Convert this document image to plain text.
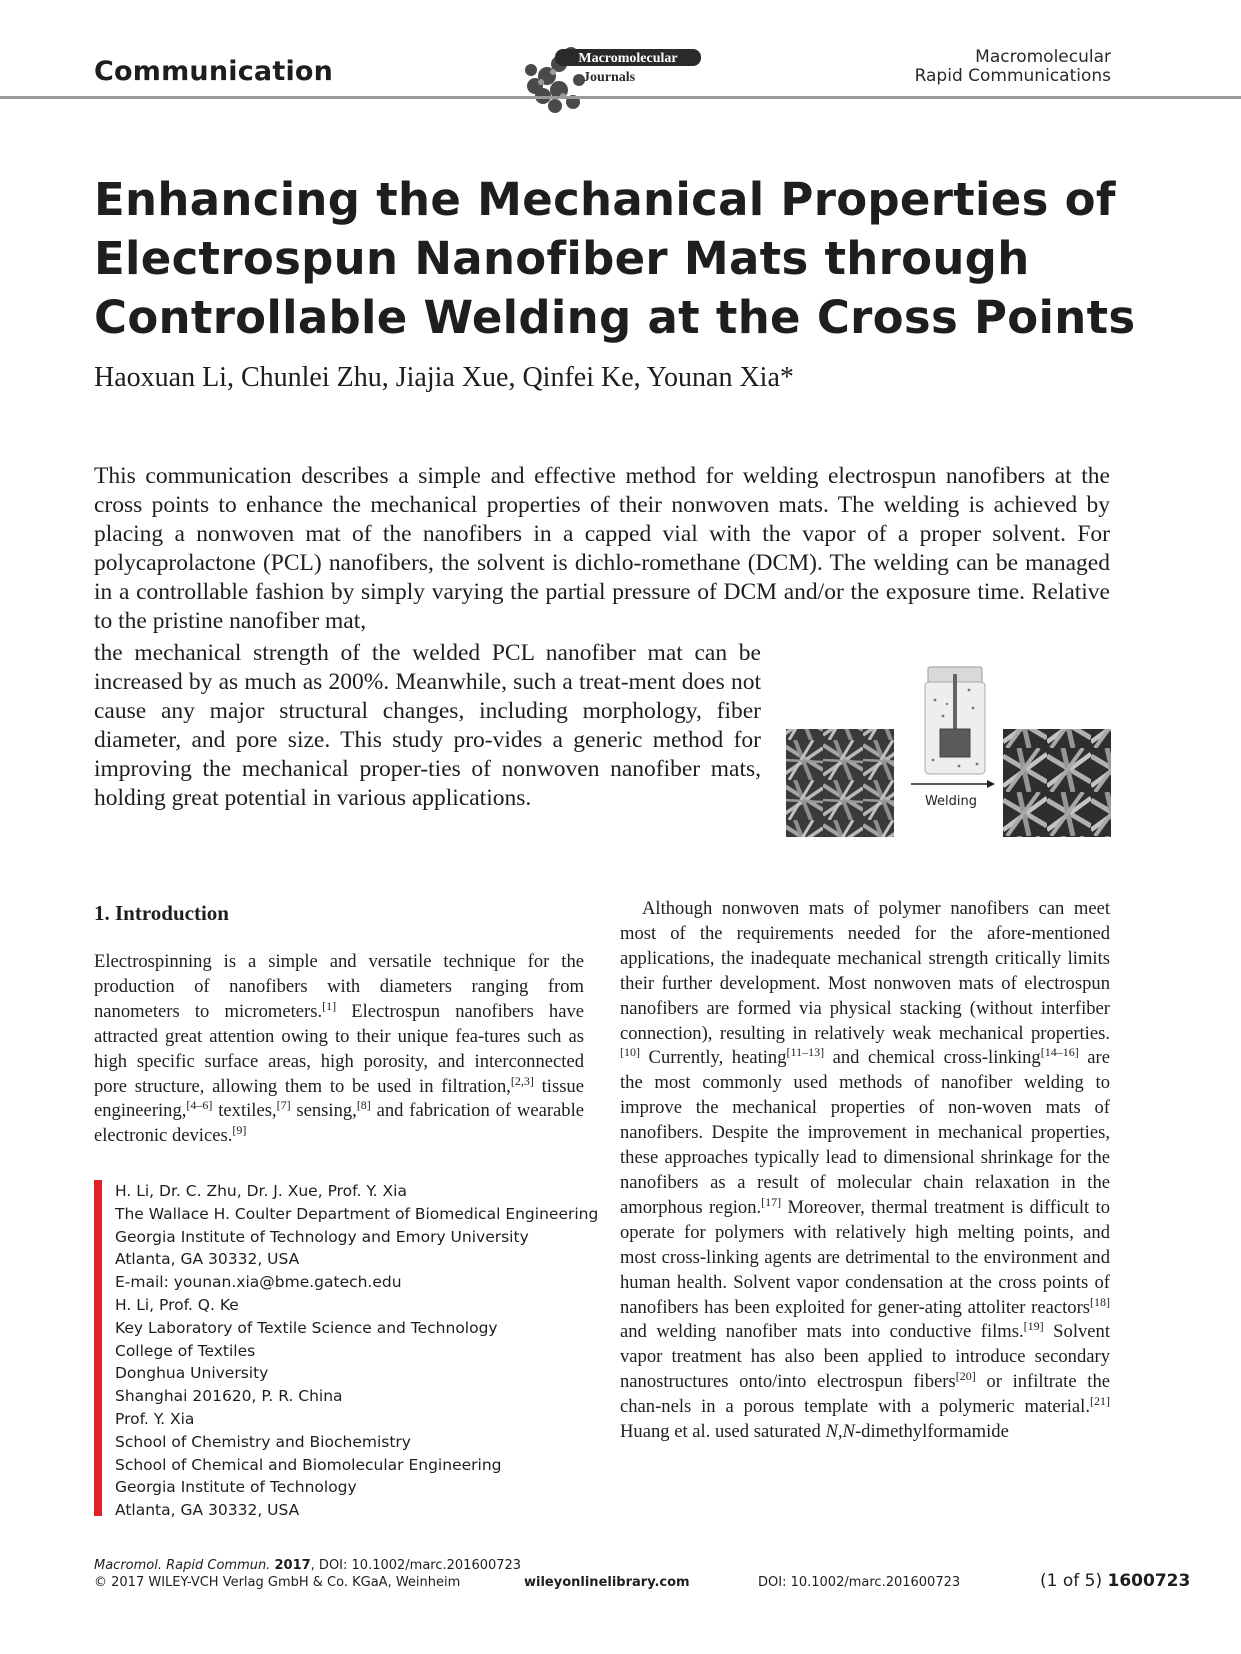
Communication	Macromolecular
Journals
Macromolecular
Rapid Communications
Enhancing the Mechanical Properties of Electrospun Nanofiber Mats through Controllable Welding at the Cross Points
Haoxuan Li, Chunlei Zhu, Jiajia Xue, Qinfei Ke, Younan Xia*
This communication describes a simple and effective method for welding electrospun nanofibers at the cross points to enhance the mechanical properties of their nonwoven mats. The welding is achieved by placing a nonwoven mat of the nanofibers in a capped vial with the vapor of a proper solvent. For polycaprolactone (PCL) nanofibers, the solvent is dichlo-romethane (DCM). The welding can be managed in a controllable fashion by simply varying the partial pressure of DCM and/or the exposure time. Relative to the pristine nanofiber mat,
the mechanical strength of the welded PCL nanofiber mat can be increased by as much as 200%. Meanwhile, such a treat-ment does not cause any major structural changes, including morphology, fiber diameter, and pore size. This study pro-vides a generic method for improving the mechanical proper-ties of nonwoven nanofiber mats, holding great potential in various applications.	Welding
1. Introduction
Electrospinning is a simple and versatile technique for the production of nanofibers with diameters ranging from nanometers to micrometers.[1] Electrospun nanofibers have attracted great attention owing to their unique fea-tures such as high specific surface areas, high porosity, and interconnected pore structure, allowing them to be used in filtration,[2,3] tissue engineering,[4–6] textiles,[7] sensing,[8] and fabrication of wearable electronic devices.[9]
H. Li, Dr. C. Zhu, Dr. J. Xue, Prof. Y. Xia
The Wallace H. Coulter Department of Biomedical Engineering
Georgia Institute of Technology and Emory University
Atlanta, GA 30332, USA
E-mail: younan.xia@bme.gatech.edu
H. Li, Prof. Q. Ke
Key Laboratory of Textile Science and Technology
College of Textiles
Donghua University
Shanghai 201620, P. R. China
Prof. Y. Xia
School of Chemistry and Biochemistry
School of Chemical and Biomolecular Engineering
Georgia Institute of Technology
Atlanta, GA 30332, USA
Although nonwoven mats of polymer nanofibers can meet most of the requirements needed for the afore-mentioned applications, the inadequate mechanical strength critically limits their further development. Most nonwoven mats of electrospun nanofibers are formed via physical stacking (without interfiber connection), resulting in relatively weak mechanical properties.[10] Currently, heating[11–13] and chemical cross-linking[14–16] are the most commonly used methods of nanofiber welding to improve the mechanical properties of non-woven mats of nanofibers. Despite the improvement in mechanical properties, these approaches typically lead to dimensional shrinkage for the nanofibers as a result of molecular chain relaxation in the amorphous region.[17] Moreover, thermal treatment is difficult to operate for polymers with relatively high melting points, and most cross-linking agents are detrimental to the environment and human health. Solvent vapor condensation at the cross points of nanofibers has been exploited for gener-ating attoliter reactors[18] and welding nanofiber mats into conductive films.[19] Solvent vapor treatment has also been applied to introduce secondary nanostructures onto/into electrospun fibers[20] or infiltrate the chan-nels in a porous template with a polymeric material.[21] Huang et al. used saturated N,N-dimethylformamide
Macromol. Rapid Commun. 2017, DOI: 10.1002/marc.201600723
© 2017 WILEY-VCH Verlag GmbH & Co. KGaA, Weinheim	wileyonlinelibrary.com	DOI: 10.1002/marc.201600723	(1 of 5) 1600723
